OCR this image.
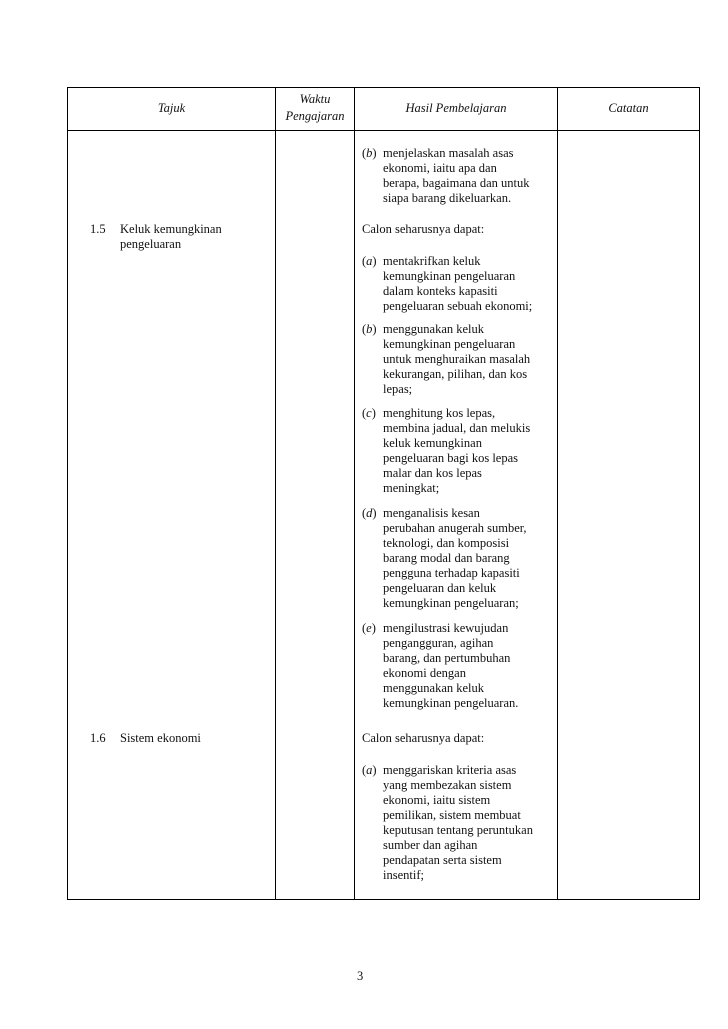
Tajuk
Waktu
Pengajaran
Hasil Pembelajaran	Catatan
1.5 Keluk kemungkinan
pengeluaran
1.6 Sistem ekonomi
(b) menjelaskan masalah asas
ekonomi, iaitu apa dan
berapa, bagaimana dan untuk
siapa barang dikeluarkan.
Calon seharusnya dapat:
(a) mentakrifkan keluk
kemungkinan pengeluaran
dalam konteks kapasiti
pengeluaran sebuah ekonomi;
(b) menggunakan keluk
kemungkinan pengeluaran
untuk menghuraikan masalah
kekurangan, pilihan, dan kos
lepas;
(c) menghitung kos lepas,
membina jadual, dan melukis
keluk kemungkinan
pengeluaran bagi kos lepas
malar dan kos lepas
meningkat;
(d) menganalisis kesan
perubahan anugerah sumber,
teknologi, dan komposisi
barang modal dan barang
pengguna terhadap kapasiti
pengeluaran dan keluk
kemungkinan pengeluaran;
(e) mengilustrasi kewujudan
pengangguran, agihan
barang, dan pertumbuhan
ekonomi dengan
menggunakan keluk
kemungkinan pengeluaran.
Calon seharusnya dapat:
(a) menggariskan kriteria asas
yang membezakan sistem
ekonomi, iaitu sistem
pemilikan, sistem membuat
keputusan tentang peruntukan
sumber dan agihan
pendapatan serta sistem
insentif;
3
